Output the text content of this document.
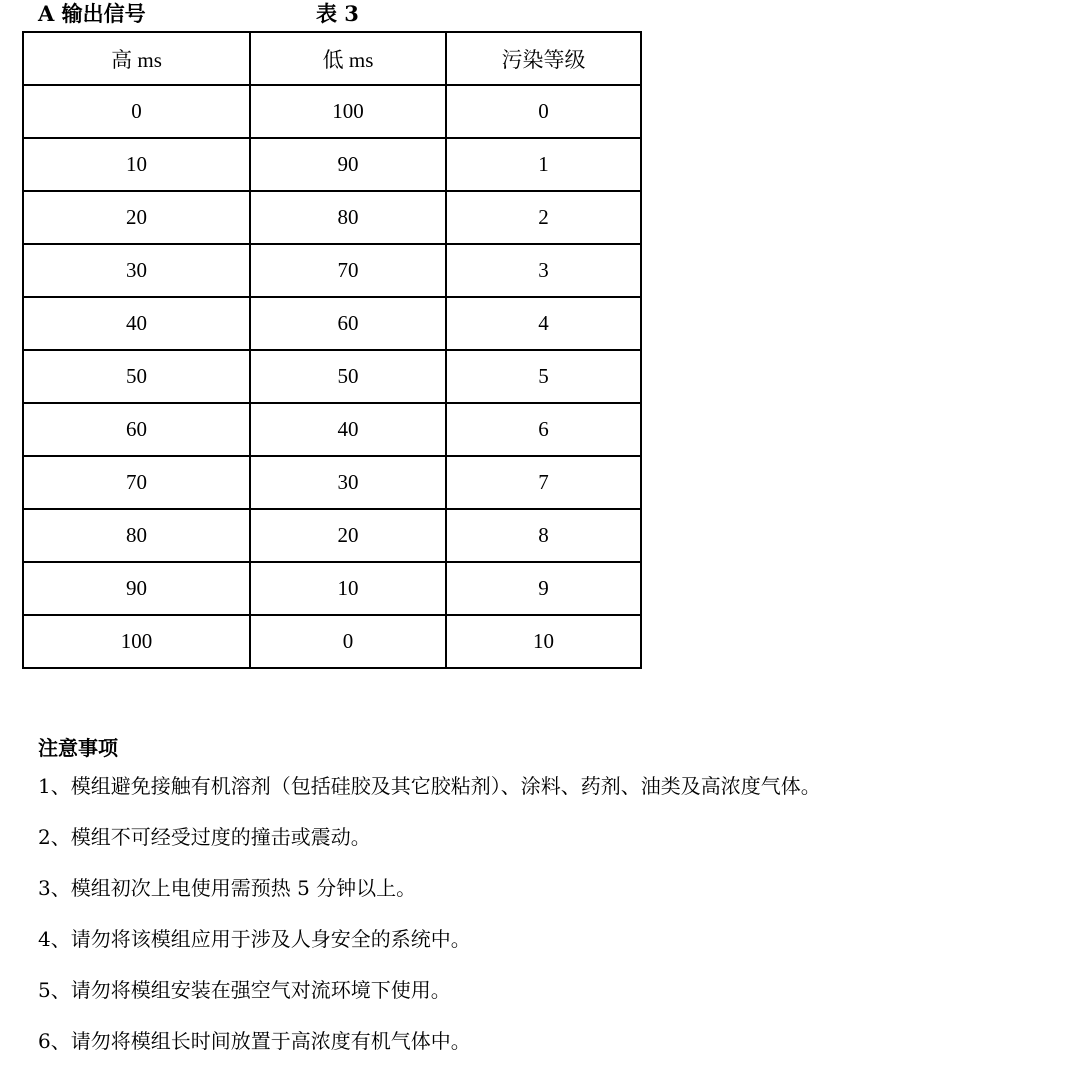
A 输出信号	表 3
高 ms	低 ms	污染等级
0	100	0
10	90	1
20	80	2
30	70	3
40	60	4
50	50	5
60	40	6
70	30	7
80	20	8
90	10	9
100	0	10
注意事项
1、模组避免接触有机溶剂（包括硅胶及其它胶粘剂）、涂料、药剂、油类及高浓度气体。
2、模组不可经受过度的撞击或震动。
3、模组初次上电使用需预热 5 分钟以上。
4、请勿将该模组应用于涉及人身安全的系统中。
5、请勿将模组安装在强空气对流环境下使用。
6、请勿将模组长时间放置于高浓度有机气体中。
